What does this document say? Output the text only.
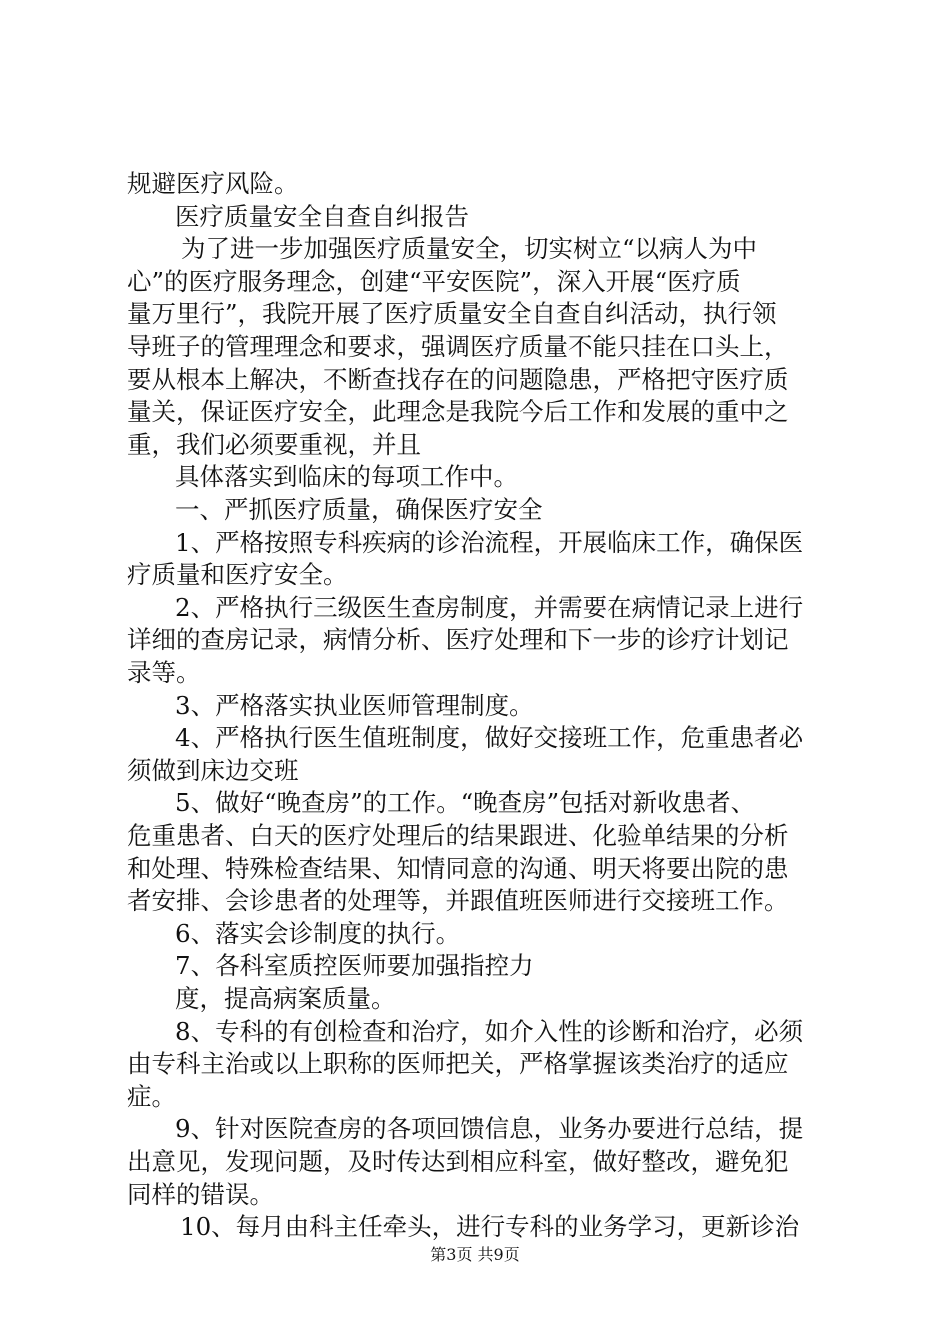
规避医疗风险。
医疗质量安全自查自纠报告
为了进一步加强医疗质量安全，切实树立“以病人为中
心”的医疗服务理念，创建“平安医院”，深入开展“医疗质
量万里行”，我院开展了医疗质量安全自查自纠活动，执行领
导班子的管理理念和要求，强调医疗质量不能只挂在口头上，
要从根本上解决，不断查找存在的问题隐患，严格把守医疗质
量关，保证医疗安全，此理念是我院今后工作和发展的重中之
重，我们必须要重视，并且
具体落实到临床的每项工作中。
一、严抓医疗质量，确保医疗安全
1、严格按照专科疾病的诊治流程，开展临床工作，确保医
疗质量和医疗安全。
2、严格执行三级医生查房制度，并需要在病情记录上进行
详细的查房记录，病情分析、医疗处理和下一步的诊疗计划记
录等。
3、严格落实执业医师管理制度。
4、严格执行医生值班制度，做好交接班工作，危重患者必
须做到床边交班
5、做好“晚查房”的工作。“晚查房”包括对新收患者、
危重患者、白天的医疗处理后的结果跟进、化验单结果的分析
和处理、特殊检查结果、知情同意的沟通、明天将要出院的患
者安排、会诊患者的处理等，并跟值班医师进行交接班工作。
6、落实会诊制度的执行。
7、各科室质控医师要加强指控力
度，提高病案质量。
8、专科的有创检查和治疗，如介入性的诊断和治疗，必须
由专科主治或以上职称的医师把关，严格掌握该类治疗的适应
症。
9、针对医院查房的各项回馈信息，业务办要进行总结，提
出意见，发现问题，及时传达到相应科室，做好整改，避免犯
同样的错误。
10、每月由科主任牵头，进行专科的业务学习，更新诊治
第3页 共9页
